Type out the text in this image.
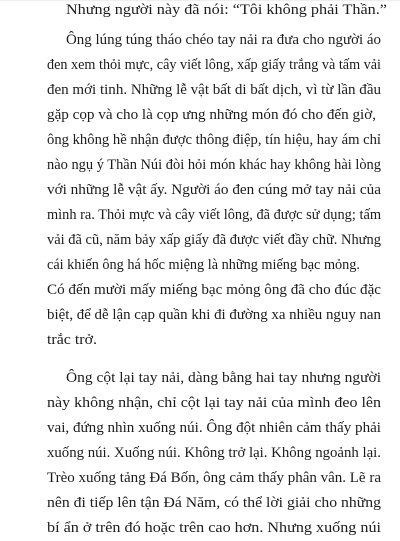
Nhưng người này đã nói: “Tôi không phải Thần.”

Ông lúng túng tháo chéo tay nải ra đưa cho người áo

đen xem thỏi mực, cây viết lông, xấp giấy trắng và tấm vải

đen mới tinh. Những lễ vật bất di bất dịch, vì từ lần đầu

gặp cọp và cho là cọp ưng những món đó cho đến giờ,

ông không hề nhận được thông điệp, tín hiệu, hay ám chỉ

nào ngụ ý Thần Núi đòi hỏi món khác hay không hài lòng

với những lễ vật ấy. Người áo đen cúng mở tay nải của

mình ra. Thỏi mực và cây viết lông, đã được sử dụng; tấm

vải đã cũ, năm bảy xấp giấy đã được viết đầy chữ. Nhưng

cái khiến ông há hốc miệng là những miếng bạc mỏng.

Có đến mười mấy miếng bạc mỏng ông đã cho đúc đặc

biệt, để dễ lận cạp quần khi đi đường xa nhiều nguy nan

trắc trở.

Ông cột lại tay nải, dàng bằng hai tay nhưng người

này không nhận, chỉ cột lại tay nải của mình đeo lên

vai, đứng nhìn xuống núi. Ông đột nhiên cảm thấy phải

xuống núi. Xuống núi. Không trở lại. Không ngoảnh lại.

Trèo xuống tảng Đá Bốn, ông cảm thấy phân vân. Lẽ ra

nên đi tiếp lên tận Đá Năm, có thể lời giải cho những

bí ẩn ở trên đó hoặc trên cao hơn. Nhưng xuống núi
